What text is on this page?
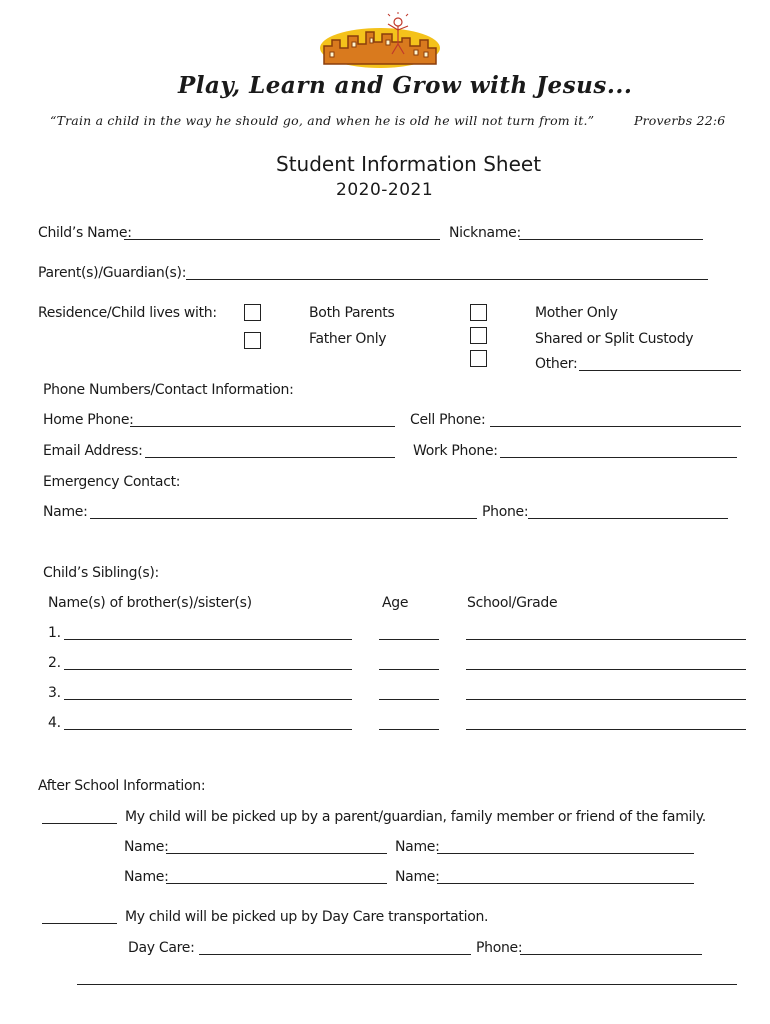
Play, Learn and Grow with Jesus...
“Train a child in the way he should go, and when he is old he will not turn from it.”	Proverbs 22:6
Student Information Sheet
2020-2021
Child’s Name:	Nickname:
Parent(s)/Guardian(s):
Residence/Child lives with:	Both Parents
Father Only
Mother Only
Shared or Split Custody
Other:
Phone Numbers/Contact Information:
Home Phone:	Cell Phone:
Email Address:	Work Phone:
Emergency Contact:
Name:	Phone:
Child’s Sibling(s):
Name(s) of brother(s)/sister(s)	Age	School/Grade
1.
2.
3.
4.
After School Information:
My child will be picked up by a parent/guardian, family member or friend of the family.
Name:	Name:
Name:	Name:
My child will be picked up by Day Care transportation.
Day Care:	Phone:
